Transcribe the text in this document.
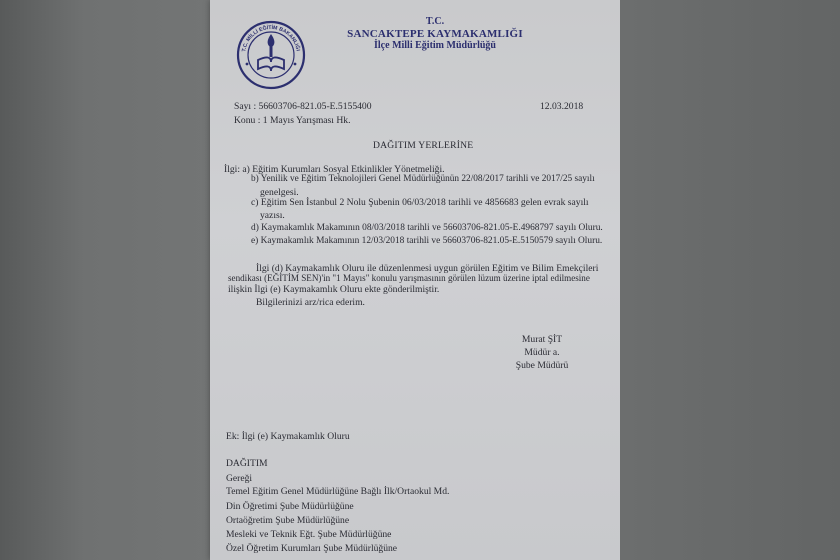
T.C. MİLLİ EĞİTİM BAKANLIĞI
T.C.
SANCAKTEPE KAYMAKAMLIĞI
İlçe Milli Eğitim Müdürlüğü
Sayı : 56603706-821.05-E.5155400	12.03.2018
Konu : 1 Mayıs Yarışması Hk.
DAĞITIM YERLERİNE
İlgi: a) Eğitim Kurumları Sosyal Etkinlikler Yönetmeliği.
b) Yenilik ve Eğitim Teknolojileri Genel Müdürlüğünün 22/08/2017 tarihli ve 2017/25 sayılı
genelgesi.
c) Eğitim Sen İstanbul 2 Nolu Şubenin 06/03/2018 tarihli ve 4856683 gelen evrak sayılı
yazısı.
d) Kaymakamlık Makamının 08/03/2018 tarihli ve 56603706-821.05-E.4968797 sayılı Oluru.
e) Kaymakamlık Makamının 12/03/2018 tarihli ve 56603706-821.05-E.5150579 sayılı Oluru.
İlgi (d) Kaymakamlık Oluru ile düzenlenmesi uygun görülen Eğitim ve Bilim Emekçileri
sendikası (EĞİTİM SEN)'in "1 Mayıs" konulu yarışmasının görülen lüzum üzerine iptal edilmesine
ilişkin İlgi (e) Kaymakamlık Oluru ekte gönderilmiştir.
Bilgilerinizi arz/rica ederim.
Murat ŞİT
Müdür a.
Şube Müdürü
Ek: İlgi (e) Kaymakamlık Oluru
DAĞITIM
Gereği
Temel Eğitim Genel Müdürlüğüne Bağlı İlk/Ortaokul Md.
Din Öğretimi Şube Müdürlüğüne
Ortaöğretim Şube Müdürlüğüne
Mesleki ve Teknik Eğt. Şube Müdürlüğüne
Özel Öğretim Kurumları Şube Müdürlüğüne
